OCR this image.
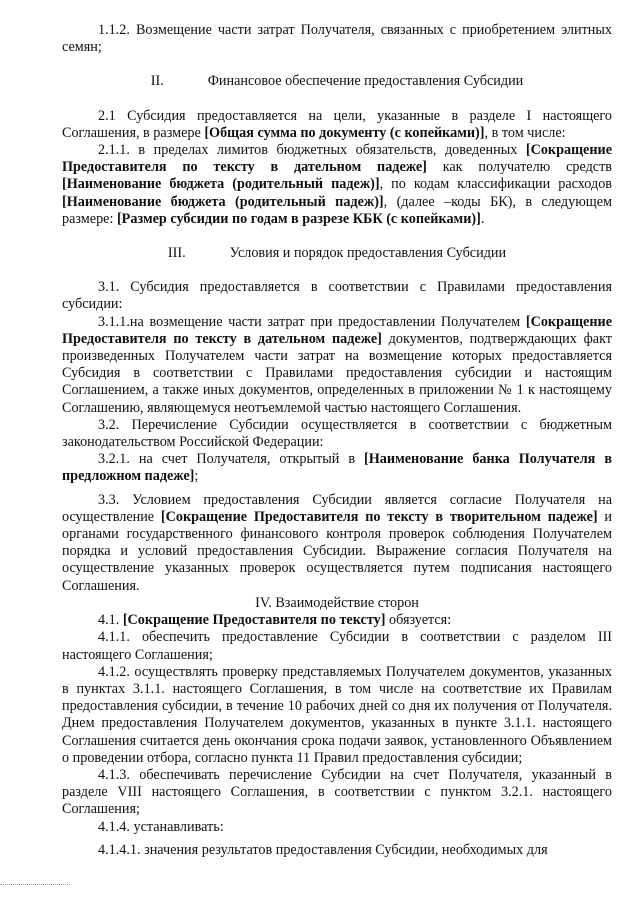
1.1.2. Возмещение части затрат Получателя, связанных с приобретением элитных семян;

II.	Финансовое обеспечение предоставления Субсидии

2.1 Субсидия предоставляется на цели, указанные в разделе I настоящего Соглашения, в размере [Общая сумма по документу (с копейками)], в том числе:

2.1.1. в пределах лимитов бюджетных обязательств, доведенных [Сокращение Предоставителя по тексту в дательном падеже] как получателю средств [Наименование бюджета (родительный падеж)], по кодам классификации расходов [Наименование бюджета (родительный падеж)], (далее –коды БК), в следующем размере: [Размер субсидии по годам в разрезе КБК (с копейками)].

III.	Условия и порядок предоставления Субсидии

3.1. Субсидия предоставляется в соответствии с Правилами предоставления субсидии:

3.1.1.на возмещение части затрат при предоставлении Получателем [Сокращение Предоставителя по тексту в дательном падеже] документов, подтверждающих факт произведенных Получателем части затрат на возмещение которых предоставляется Субсидия в соответствии с Правилами предоставления субсидии и настоящим Соглашением, а также иных документов, определенных в приложении № 1 к настоящему Соглашению, являющемуся неотъемлемой частью настоящего Соглашения.

3.2. Перечисление Субсидии осуществляется в соответствии с бюджетным законодательством Российской Федерации:

3.2.1. на счет Получателя, открытый в [Наименование банка Получателя в предложном падеже];

3.3. Условием предоставления Субсидии является согласие Получателя на осуществление [Сокращение Предоставителя по тексту в творительном падеже] и органами государственного финансового контроля проверок соблюдения Получателем порядка и условий предоставления Субсидии. Выражение согласия Получателя на осуществление указанных проверок осуществляется путем подписания настоящего Соглашения.

IV. Взаимодействие сторон

4.1. [Сокращение Предоставителя по тексту] обязуется:

4.1.1. обеспечить предоставление Субсидии в соответствии с разделом III настоящего Соглашения;

4.1.2. осуществлять проверку представляемых Получателем документов, указанных в пунктах 3.1.1. настоящего Соглашения, в том числе на соответствие их Правилам предоставления субсидии, в течение 10 рабочих дней со дня их получения от Получателя. Днем предоставления Получателем документов, указанных в пункте 3.1.1. настоящего Соглашения считается день окончания срока подачи заявок, установленного Объявлением о проведении отбора, согласно пункта 11 Правил предоставления субсидии;

4.1.3. обеспечивать перечисление Субсидии на счет Получателя, указанный в разделе VIII настоящего Соглашения, в соответствии с пунктом 3.2.1. настоящего Соглашения;

4.1.4. устанавливать:

4.1.4.1. значения результатов предоставления Субсидии, необходимых для
